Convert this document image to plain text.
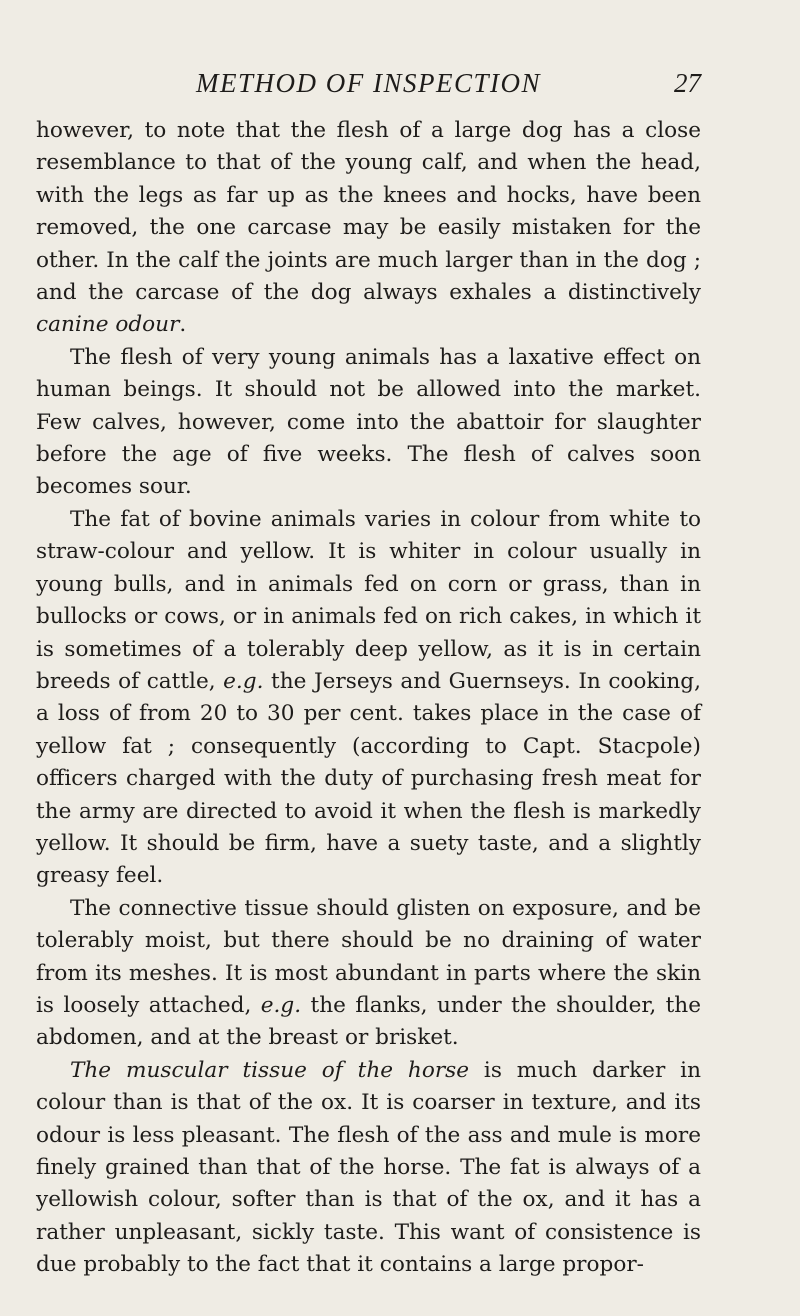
METHOD OF INSPECTION	27

however, to note that the flesh of a large dog has a close resemblance to that of the young calf, and when the head, with the legs as far up as the knees and hocks, have been removed, the one carcase may be easily mistaken for the other. In the calf the joints are much larger than in the dog ; and the carcase of the dog always exhales a distinctively canine odour.

The flesh of very young animals has a laxative effect on human beings. It should not be allowed into the market. Few calves, however, come into the abattoir for slaughter before the age of five weeks. The flesh of calves soon becomes sour.

The fat of bovine animals varies in colour from white to straw-colour and yellow. It is whiter in colour usually in young bulls, and in animals fed on corn or grass, than in bullocks or cows, or in animals fed on rich cakes, in which it is sometimes of a tolerably deep yellow, as it is in certain breeds of cattle, e.g. the Jerseys and Guernseys. In cooking, a loss of from 20 to 30 per cent. takes place in the case of yellow fat ; consequently (according to Capt. Stacpole) officers charged with the duty of purchasing fresh meat for the army are directed to avoid it when the flesh is markedly yellow. It should be firm, have a suety taste, and a slightly greasy feel.

The connective tissue should glisten on exposure, and be tolerably moist, but there should be no draining of water from its meshes. It is most abundant in parts where the skin is loosely attached, e.g. the flanks, under the shoulder, the abdomen, and at the breast or brisket.

The muscular tissue of the horse is much darker in colour than is that of the ox. It is coarser in texture, and its odour is less pleasant. The flesh of the ass and mule is more finely grained than that of the horse. The fat is always of a yellowish colour, softer than is that of the ox, and it has a rather unpleasant, sickly taste. This want of consistence is due probably to the fact that it contains a large propor-
